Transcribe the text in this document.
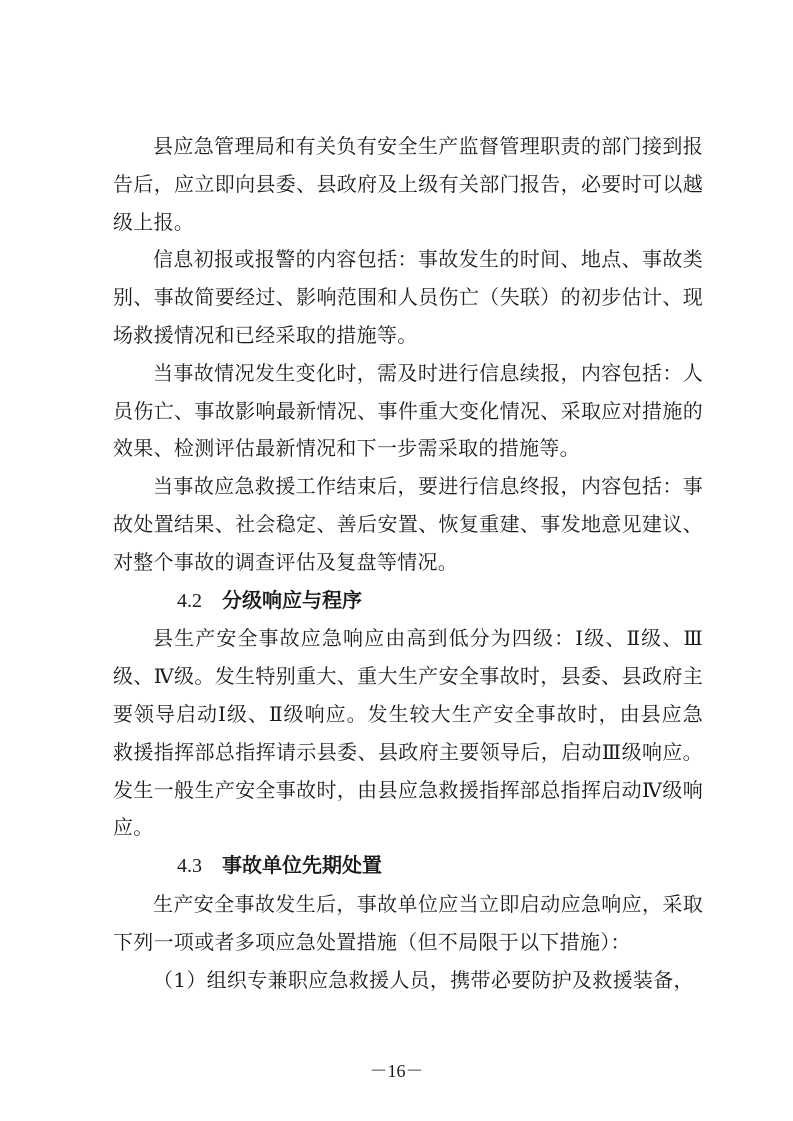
县应急管理局和有关负有安全生产监督管理职责的部门接到报告后，应立即向县委、县政府及上级有关部门报告，必要时可以越级上报。

信息初报或报警的内容包括：事故发生的时间、地点、事故类别、事故简要经过、影响范围和人员伤亡（失联）的初步估计、现场救援情况和已经采取的措施等。

当事故情况发生变化时，需及时进行信息续报，内容包括：人员伤亡、事故影响最新情况、事件重大变化情况、采取应对措施的效果、检测评估最新情况和下一步需采取的措施等。

当事故应急救援工作结束后，要进行信息终报，内容包括：事故处置结果、社会稳定、善后安置、恢复重建、事发地意见建议、对整个事故的调查评估及复盘等情况。

4.2 分级响应与程序

县生产安全事故应急响应由高到低分为四级：Ⅰ级、Ⅱ级、Ⅲ级、Ⅳ级。发生特别重大、重大生产安全事故时，县委、县政府主要领导启动Ⅰ级、Ⅱ级响应。发生较大生产安全事故时，由县应急救援指挥部总指挥请示县委、县政府主要领导后，启动Ⅲ级响应。发生一般生产安全事故时，由县应急救援指挥部总指挥启动Ⅳ级响应。

4.3 事故单位先期处置

生产安全事故发生后，事故单位应当立即启动应急响应，采取下列一项或者多项应急处置措施（但不局限于以下措施）：

（1）组织专兼职应急救援人员，携带必要防护及救援装备，

－16－
